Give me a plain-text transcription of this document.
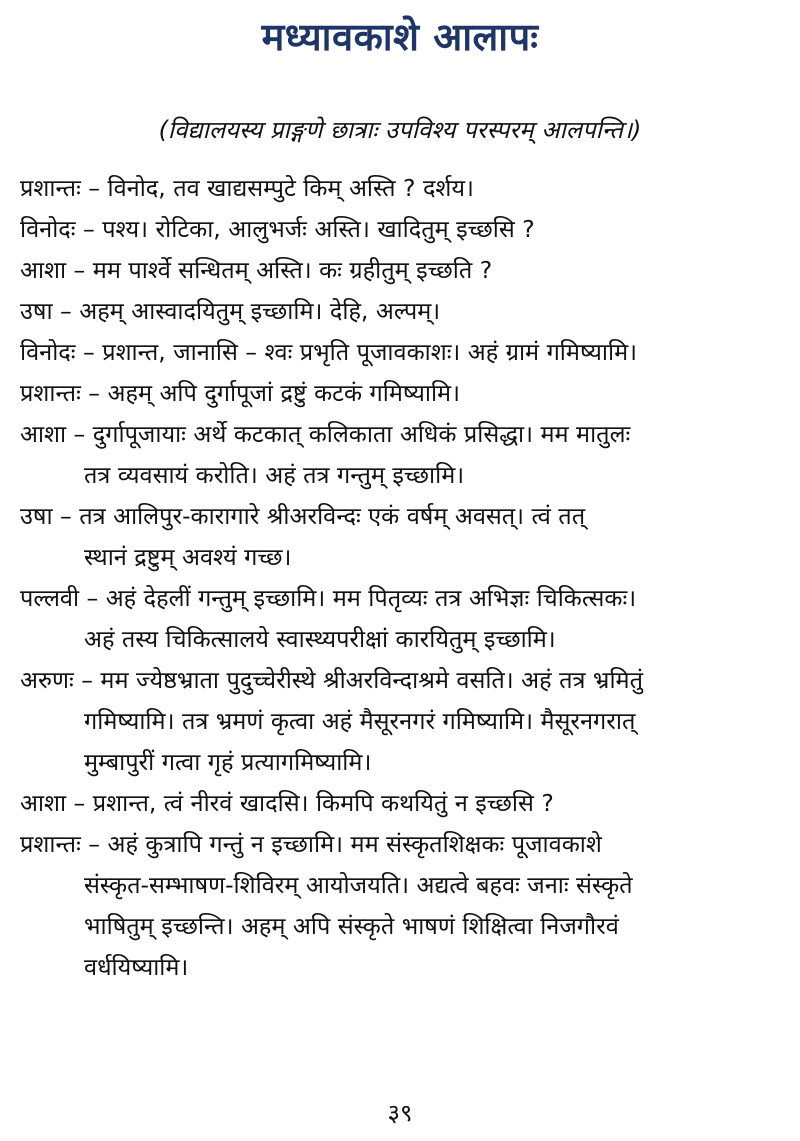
मध्यावकाशे आलापः
(विद्यालयस्य प्राङ्गणे छात्राः उपविश्य परस्परम् आलपन्ति।)

प्रशान्तः – विनोद, तव खाद्यसम्पुटे किम् अस्ति ? दर्शय।

विनोदः – पश्य। रोटिका, आलुभर्जः अस्ति। खादितुम् इच्छसि ?

आशा – मम पार्श्वे सन्धितम् अस्ति। कः ग्रहीतुम् इच्छति ?

उषा – अहम् आस्वादयितुम् इच्छामि। देहि, अल्पम्।

विनोदः – प्रशान्त, जानासि – श्वः प्रभृति पूजावकाशः। अहं ग्रामं गमिष्यामि।

प्रशान्तः – अहम् अपि दुर्गापूजां द्रष्टुं कटकं गमिष्यामि।

आशा – दुर्गापूजायाः अर्थे कटकात् कलिकाता अधिकं प्रसिद्धा। मम मातुलः

तत्र व्यवसायं करोति। अहं तत्र गन्तुम् इच्छामि।

उषा – तत्र आलिपुर-कारागारे श्रीअरविन्दः एकं वर्षम् अवसत्। त्वं तत्

स्थानं द्रष्टुम् अवश्यं गच्छ।

पल्लवी – अहं देहलीं गन्तुम् इच्छामि। मम पितृव्यः तत्र अभिज्ञः चिकित्सकः।

अहं तस्य चिकित्सालये स्वास्थ्यपरीक्षां कारयितुम् इच्छामि।

अरुणः – मम ज्येष्ठभ्राता पुदुच्चेरीस्थे श्रीअरविन्दाश्रमे वसति। अहं तत्र भ्रमितुं

गमिष्यामि। तत्र भ्रमणं कृत्वा अहं मैसूरनगरं गमिष्यामि। मैसूरनगरात्

मुम्बापुरीं गत्वा गृहं प्रत्यागमिष्यामि।

आशा – प्रशान्त, त्वं नीरवं खादसि। किमपि कथयितुं न इच्छसि ?

प्रशान्तः – अहं कुत्रापि गन्तुं न इच्छामि। मम संस्कृतशिक्षकः पूजावकाशे

संस्कृत-सम्भाषण-शिविरम् आयोजयति। अद्यत्वे बहवः जनाः संस्कृते

भाषितुम् इच्छन्ति। अहम् अपि संस्कृते भाषणं शिक्षित्वा निजगौरवं

वर्धयिष्यामि।

३९
